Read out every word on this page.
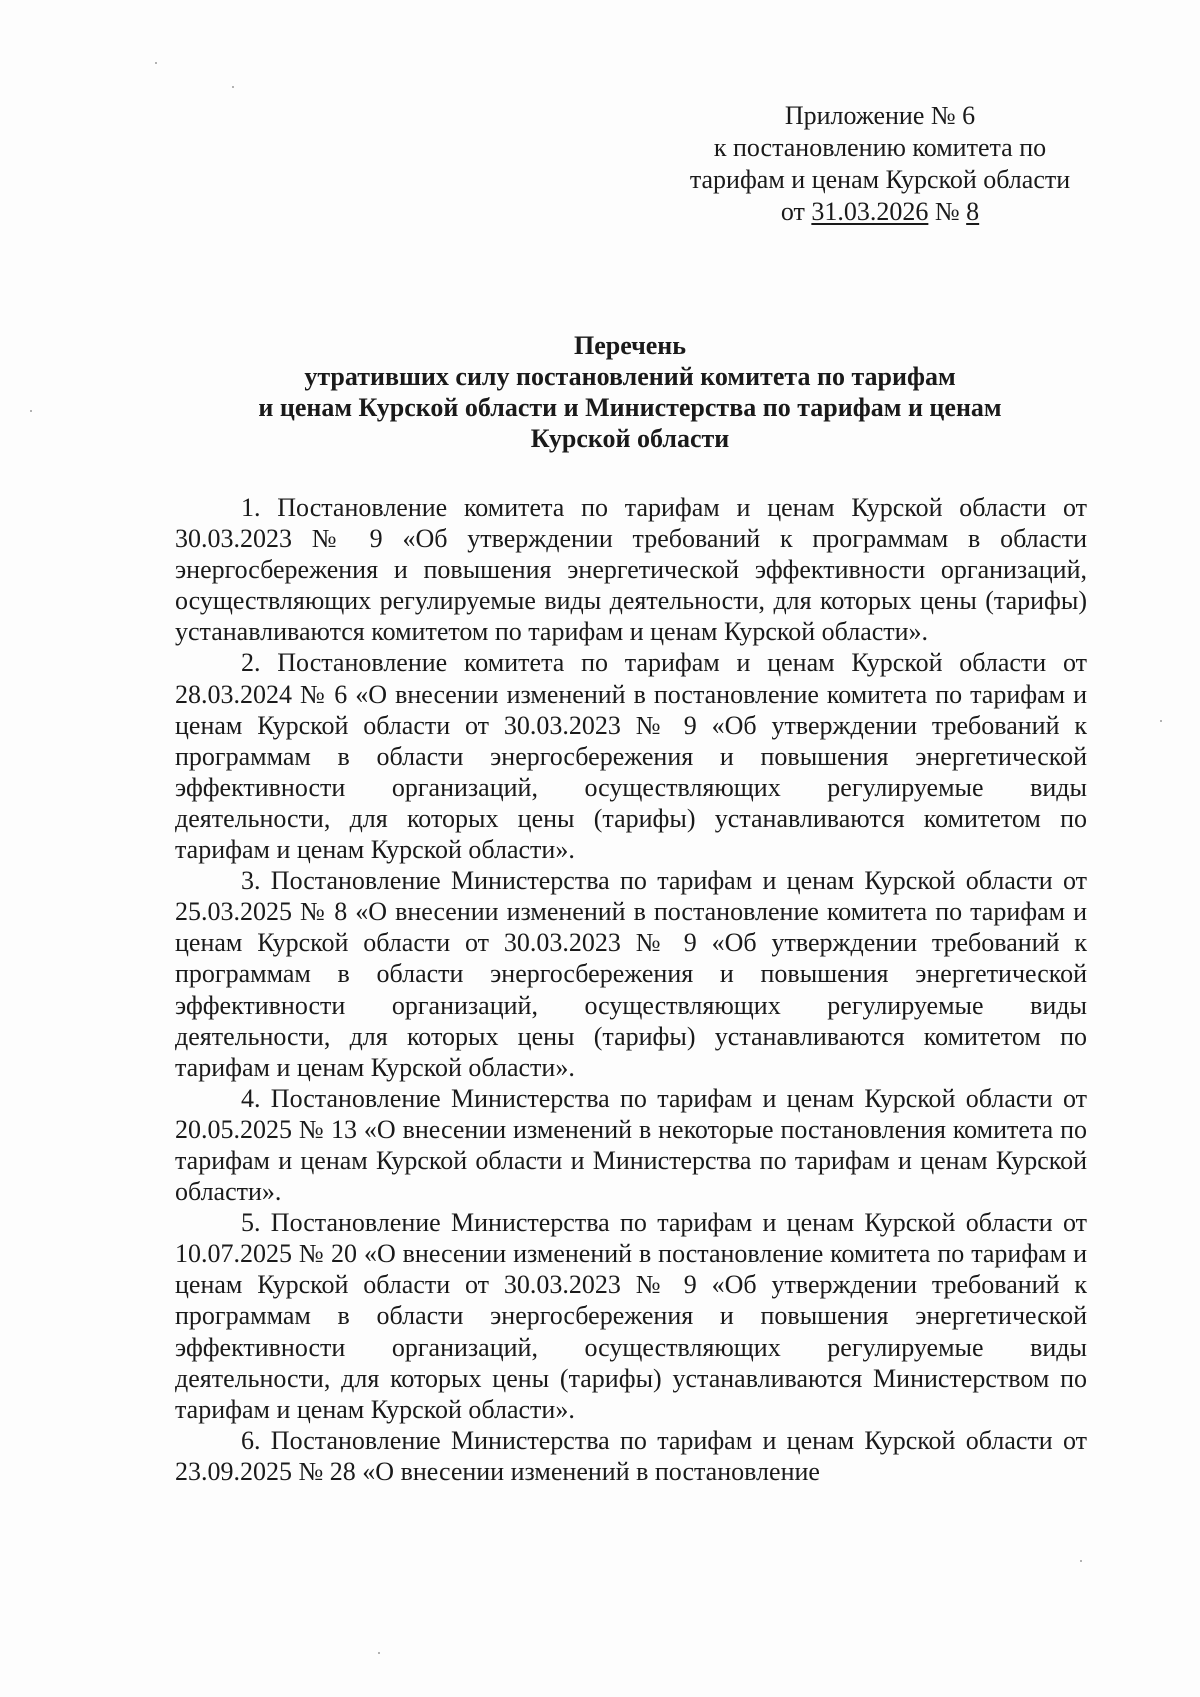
Приложение № 6
к постановлению комитета по
тарифам и ценам Курской области
от 31.03.2026 № 8
Перечень
утративших силу постановлений комитета по тарифам
и ценам Курской области и Министерства по тарифам и ценам
Курской области

1. Постановление комитета по тарифам и ценам Курской области от 30.03.2023 № 9 «Об утверждении требований к программам в области энергосбережения и повышения энергетической эффективности организаций, осуществляющих регулируемые виды деятельности, для которых цены (тарифы) устанавливаются комитетом по тарифам и ценам Курской области».

2. Постановление комитета по тарифам и ценам Курской области от 28.03.2024 № 6 «О внесении изменений в постановление комитета по тарифам и ценам Курской области от 30.03.2023 № 9 «Об утверждении требований к программам в области энергосбережения и повышения энергетической эффективности организаций, осуществляющих регулируемые виды деятельности, для которых цены (тарифы) устанавливаются комитетом по тарифам и ценам Курской области».

3. Постановление Министерства по тарифам и ценам Курской области от 25.03.2025 № 8 «О внесении изменений в постановление комитета по тарифам и ценам Курской области от 30.03.2023 № 9 «Об утверждении требований к программам в области энергосбережения и повышения энергетической эффективности организаций, осуществляющих регулируемые виды деятельности, для которых цены (тарифы) устанавливаются комитетом по тарифам и ценам Курской области».

4. Постановление Министерства по тарифам и ценам Курской области от 20.05.2025 № 13 «О внесении изменений в некоторые постановления комитета по тарифам и ценам Курской области и Министерства по тарифам и ценам Курской области».

5. Постановление Министерства по тарифам и ценам Курской области от 10.07.2025 № 20 «О внесении изменений в постановление комитета по тарифам и ценам Курской области от 30.03.2023 № 9 «Об утверждении требований к программам в области энергосбережения и повышения энергетической эффективности организаций, осуществляющих регулируемые виды деятельности, для которых цены (тарифы) устанавливаются Министерством по тарифам и ценам Курской области».

6. Постановление Министерства по тарифам и ценам Курской области от 23.09.2025 № 28 «О внесении изменений в постановление
